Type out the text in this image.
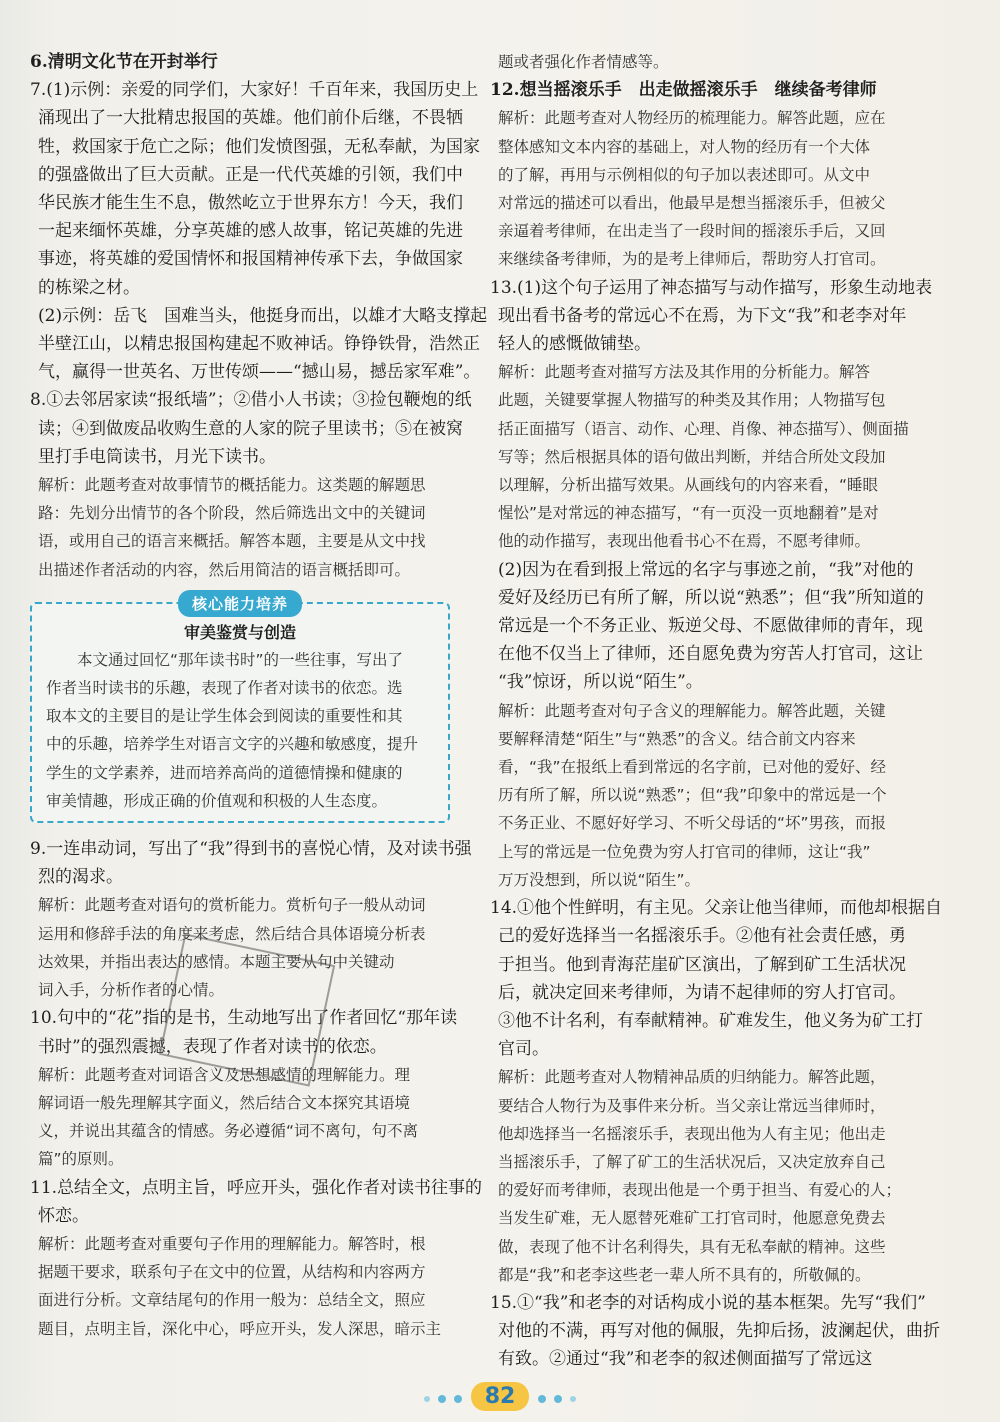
6.清明文化节在开封举行
7.(1)示例：亲爱的同学们，大家好！千百年来，我国历史上
涌现出了一大批精忠报国的英雄。他们前仆后继，不畏牺
牲，救国家于危亡之际；他们发愤图强，无私奉献，为国家
的强盛做出了巨大贡献。正是一代代英雄的引领，我们中
华民族才能生生不息，傲然屹立于世界东方！今天，我们
一起来缅怀英雄，分享英雄的感人故事，铭记英雄的先进
事迹，将英雄的爱国情怀和报国精神传承下去，争做国家
的栋梁之材。
(2)示例：岳飞　国难当头，他挺身而出，以雄才大略支撑起
半壁江山，以精忠报国构建起不败神话。铮铮铁骨，浩然正
气，赢得一世英名、万世传颂——“撼山易，撼岳家军难”。
8.①去邻居家读“报纸墙”；②借小人书读；③捡包鞭炮的纸
读；④到做废品收购生意的人家的院子里读书；⑤在被窝
里打手电筒读书，月光下读书。
解析：此题考查对故事情节的概括能力。这类题的解题思
路：先划分出情节的各个阶段，然后筛选出文中的关键词
语，或用自己的语言来概括。解答本题，主要是从文中找
出描述作者活动的内容，然后用简洁的语言概括即可。
核心能力培养
审美鉴赏与创造
　　本文通过回忆“那年读书时”的一些往事，写出了
作者当时读书的乐趣，表现了作者对读书的依恋。选
取本文的主要目的是让学生体会到阅读的重要性和其
中的乐趣，培养学生对语言文字的兴趣和敏感度，提升
学生的文学素养，进而培养高尚的道德情操和健康的
审美情趣，形成正确的价值观和积极的人生态度。
9.一连串动词，写出了“我”得到书的喜悦心情，及对读书强
烈的渴求。
解析：此题考查对语句的赏析能力。赏析句子一般从动词
运用和修辞手法的角度来考虑，然后结合具体语境分析表
达效果，并指出表达的感情。本题主要从句中关键动
词入手，分析作者的心情。
10.句中的“花”指的是书，生动地写出了作者回忆“那年读
书时”的强烈震撼，表现了作者对读书的依恋。
解析：此题考查对词语含义及思想感情的理解能力。理
解词语一般先理解其字面义，然后结合文本探究其语境
义，并说出其蕴含的情感。务必遵循“词不离句，句不离
篇”的原则。
11.总结全文，点明主旨，呼应开头，强化作者对读书往事的
怀恋。
解析：此题考查对重要句子作用的理解能力。解答时，根
据题干要求，联系句子在文中的位置，从结构和内容两方
面进行分析。文章结尾句的作用一般为：总结全文，照应
题目，点明主旨，深化中心，呼应开头，发人深思，暗示主
题或者强化作者情感等。
12.想当摇滚乐手　出走做摇滚乐手　继续备考律师
解析：此题考查对人物经历的梳理能力。解答此题，应在
整体感知文本内容的基础上，对人物的经历有一个大体
的了解，再用与示例相似的句子加以表述即可。从文中
对常远的描述可以看出，他最早是想当摇滚乐手，但被父
亲逼着考律师，在出走当了一段时间的摇滚乐手后，又回
来继续备考律师，为的是考上律师后，帮助穷人打官司。
13.(1)这个句子运用了神态描写与动作描写，形象生动地表
现出看书备考的常远心不在焉，为下文“我”和老李对年
轻人的感慨做铺垫。
解析：此题考查对描写方法及其作用的分析能力。解答
此题，关键要掌握人物描写的种类及其作用；人物描写包
括正面描写（语言、动作、心理、肖像、神态描写）、侧面描
写等；然后根据具体的语句做出判断，并结合所处文段加
以理解，分析出描写效果。从画线句的内容来看，“睡眼
惺忪”是对常远的神态描写，“有一页没一页地翻着”是对
他的动作描写，表现出他看书心不在焉，不愿考律师。
(2)因为在看到报上常远的名字与事迹之前，“我”对他的
爱好及经历已有所了解，所以说“熟悉”；但“我”所知道的
常远是一个不务正业、叛逆父母、不愿做律师的青年，现
在他不仅当上了律师，还自愿免费为穷苦人打官司，这让
“我”惊讶，所以说“陌生”。
解析：此题考查对句子含义的理解能力。解答此题，关键
要解释清楚“陌生”与“熟悉”的含义。结合前文内容来
看，“我”在报纸上看到常远的名字前，已对他的爱好、经
历有所了解，所以说“熟悉”；但“我”印象中的常远是一个
不务正业、不愿好好学习、不听父母话的“坏”男孩，而报
上写的常远是一位免费为穷人打官司的律师，这让“我”
万万没想到，所以说“陌生”。
14.①他个性鲜明，有主见。父亲让他当律师，而他却根据自
己的爱好选择当一名摇滚乐手。②他有社会责任感，勇
于担当。他到青海茫崖矿区演出，了解到矿工生活状况
后，就决定回来考律师，为请不起律师的穷人打官司。
③他不计名利，有奉献精神。矿难发生，他义务为矿工打
官司。
解析：此题考查对人物精神品质的归纳能力。解答此题，
要结合人物行为及事件来分析。当父亲让常远当律师时，
他却选择当一名摇滚乐手，表现出他为人有主见；他出走
当摇滚乐手，了解了矿工的生活状况后，又决定放弃自己
的爱好而考律师，表现出他是一个勇于担当、有爱心的人；
当发生矿难，无人愿替死难矿工打官司时，他愿意免费去
做，表现了他不计名利得失，具有无私奉献的精神。这些
都是“我”和老李这些老一辈人所不具有的，所敬佩的。
15.①“我”和老李的对话构成小说的基本框架。先写“我们”
对他的不满，再写对他的佩服，先抑后扬，波澜起伏，曲折
有致。②通过“我”和老李的叙述侧面描写了常远这
82
